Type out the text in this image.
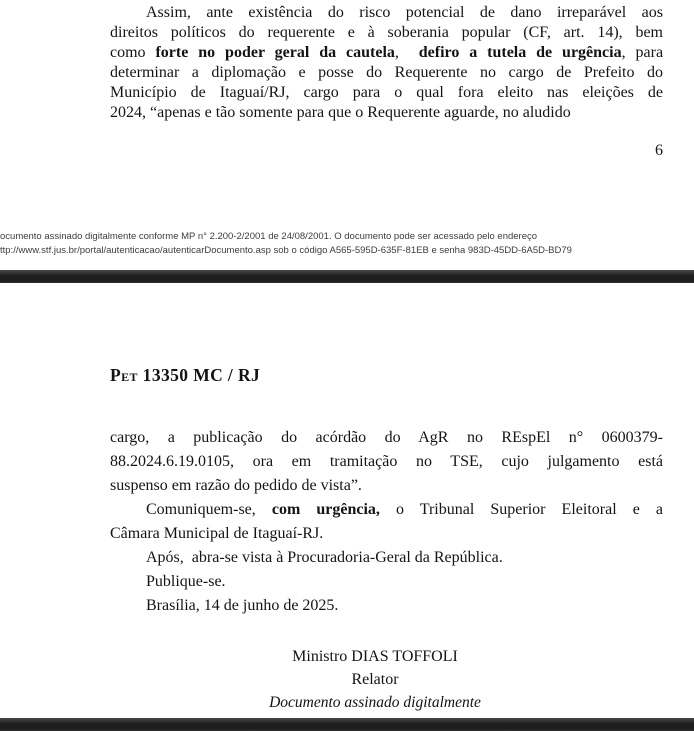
Assim, ante existência do risco potencial de dano irreparável aos
direitos políticos do requerente e à soberania popular (CF, art. 14), bem
como forte no poder geral da cautela,  defiro a tutela de urgência, para
determinar a diplomação e posse do Requerente no cargo de Prefeito do
Município de Itaguaí/RJ, cargo para o qual fora eleito nas eleições de
2024, “apenas e tão somente para que o Requerente aguarde, no aludido
6
ocumento assinado digitalmente conforme MP n° 2.200-2/2001 de 24/08/2001. O documento pode ser acessado pelo endereço
ttp://www.stf.jus.br/portal/autenticacao/autenticarDocumento.asp sob o código A565-595D-635F-81EB e senha 983D-45DD-6A5D-BD79
Pet 13350 MC / RJ
cargo, a publicação do acórdão do AgR no REspEl n° 0600379-
88.2024.6.19.0105, ora em tramitação no TSE, cujo julgamento está
suspenso em razão do pedido de vista”.
Comuniquem-se, com urgência, o Tribunal Superior Eleitoral e a
Câmara Municipal de Itaguaí-RJ.
Após,  abra-se vista à Procuradoria-Geral da República.
Publique-se.
Brasília, 14 de junho de 2025.
Ministro DIAS TOFFOLI
Relator
Documento assinado digitalmente
